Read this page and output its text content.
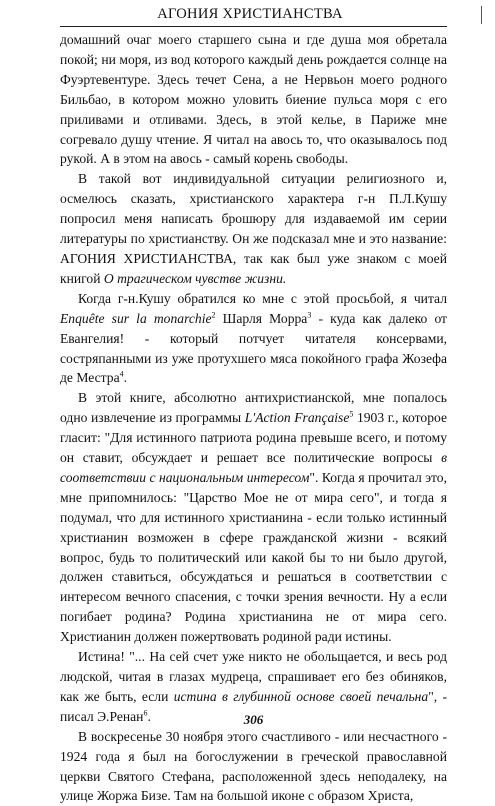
АГОНИЯ ХРИСТИАНСТВА

домашний очаг моего старшего сына и где душа моя обретала покой; ни моря, из вод которого каждый день рождается солнце на Фуэртевентуре. Здесь течет Сена, а не Нервьон моего родного Бильбао, в котором можно уловить биение пульса моря с его приливами и отливами. Здесь, в этой келье, в Париже мне согревало душу чтение. Я читал на авось то, что оказывалось под рукой. А в этом на авось - самый корень свободы.

В такой вот индивидуальной ситуации религиозного и, осмелюсь сказать, христианского характера г-н П.Л.Кушу попросил меня написать брошюру для издаваемой им серии литературы по христианству. Он же подсказал мне и это название: АГОНИЯ ХРИСТИАНСТВА, так как был уже знаком с моей книгой О трагическом чувстве жизни.

Когда г-н.Кушу обратился ко мне с этой просьбой, я читал Enquête sur la monarchie$^2$ Шарля Морра$^3$ - куда как далеко от Евангелия! - который потчует читателя консервами, состряпанными из уже протухшего мяса покойного графа Жозефа де Местра$^4$.

В этой книге, абсолютно антихристианской, мне попалось одно извлечение из программы L'Action Française$^5$ 1903 г., которое гласит: "Для истинного патриота родина превыше всего, и потому он ставит, обсуждает и решает все политические вопросы в соответствии с национальным интересом". Когда я прочитал это, мне припомнилось: "Царство Мое не от мира сего", и тогда я подумал, что для истинного христианина - если только истинный христианин возможен в сфере гражданской жизни - всякий вопрос, будь то политический или какой бы то ни было другой, должен ставиться, обсуждаться и решаться в соответствии с интересом вечного спасения, с точки зрения вечности. Ну а если погибает родина? Родина христианина не от мира сего. Христианин должен пожертвовать родиной ради истины.

Истина! "... На сей счет уже никто не обольщается, и весь род людской, читая в глазах мудреца, спрашивает его без обиняков, как же быть, если истина в глубинной основе своей печальна", - писал Э.Ренан$^6$.

В воскресенье 30 ноября этого счастливого - или несчастного - 1924 года я был на богослужении в греческой православной церкви Святого Стефана, расположенной здесь неподалеку, на улице Жоржа Бизе. Там на большой иконе с образом Христа,

306
